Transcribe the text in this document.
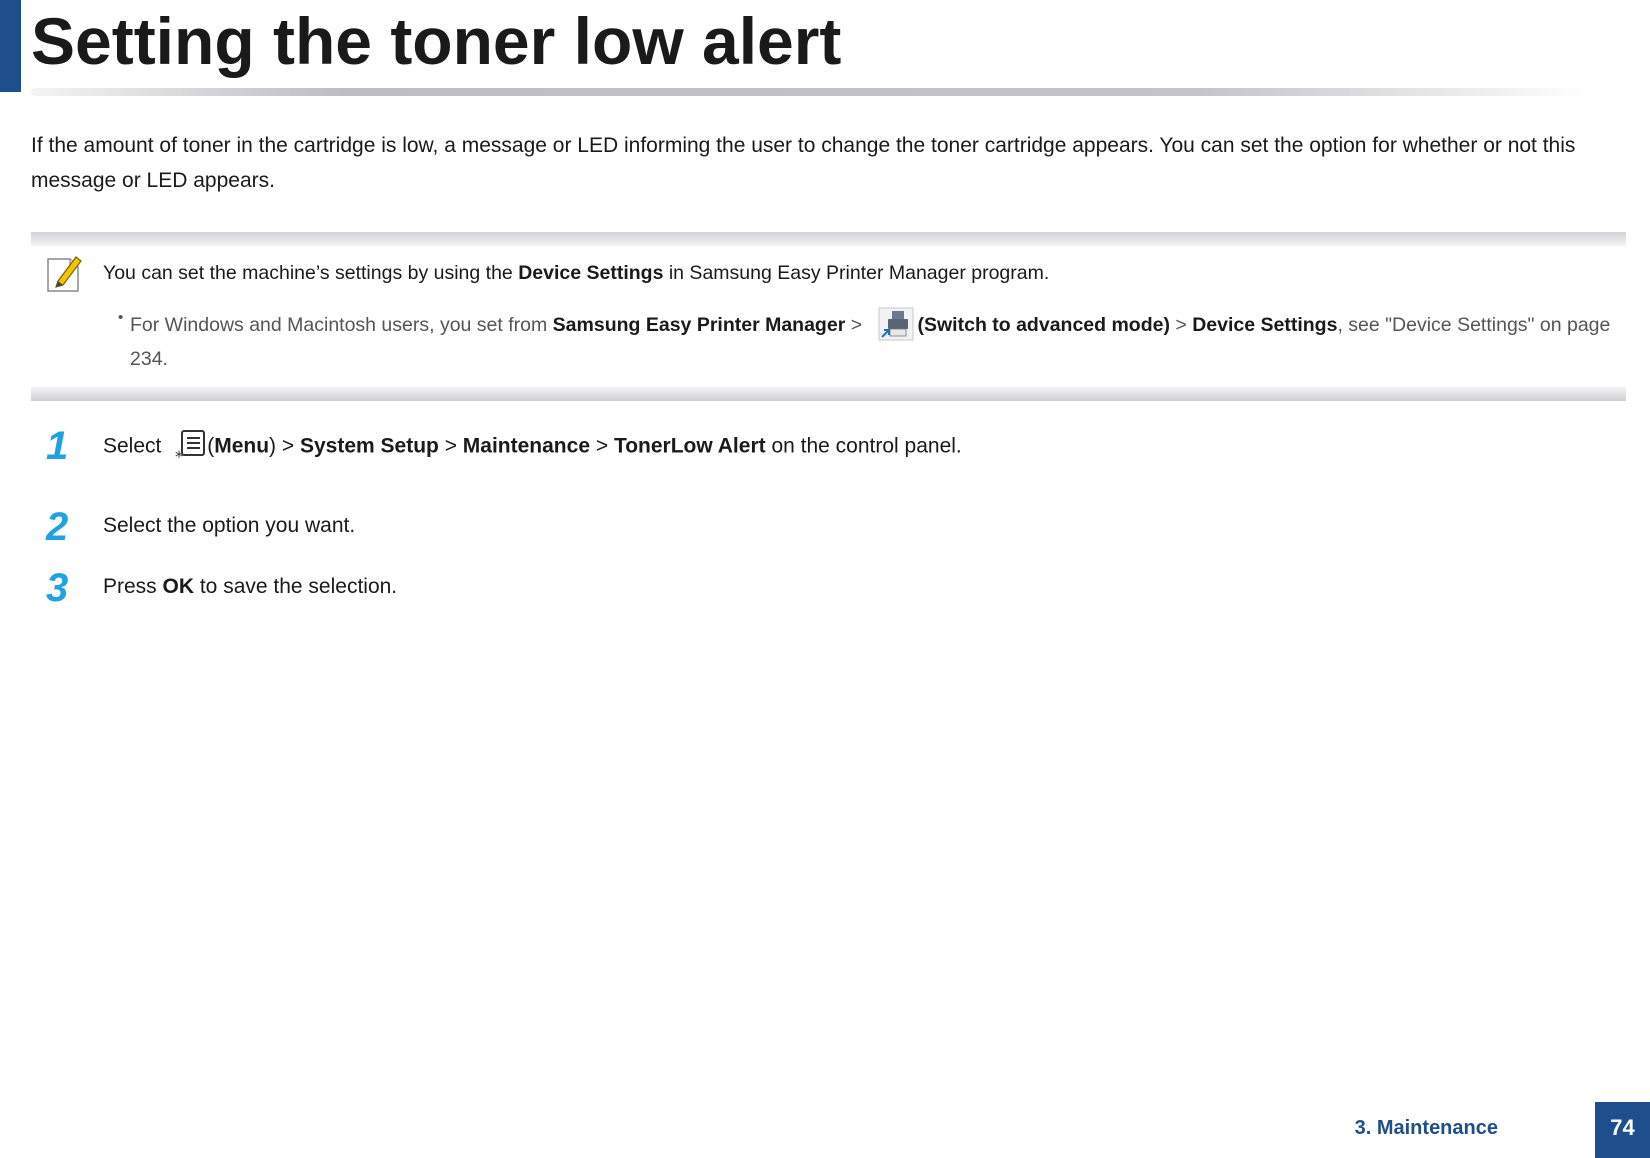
Setting the toner low alert

If the amount of toner in the cartridge is low, a message or LED informing the user to change the toner cartridge appears. You can set the option for whether or not this message or LED appears.

You can set the machine’s settings by using the Device Settings in Samsung Easy Printer Manager program.
• For Windows and Macintosh users, you set from Samsung Easy Printer Manager >	(Switch to advanced mode) > Device Settings, see "Device Settings" on page 234.
1	Select * (Menu) > System Setup > Maintenance > TonerLow Alert on the control panel.
2	Select the option you want.
3	Press OK to save the selection.
3. Maintenance	74
